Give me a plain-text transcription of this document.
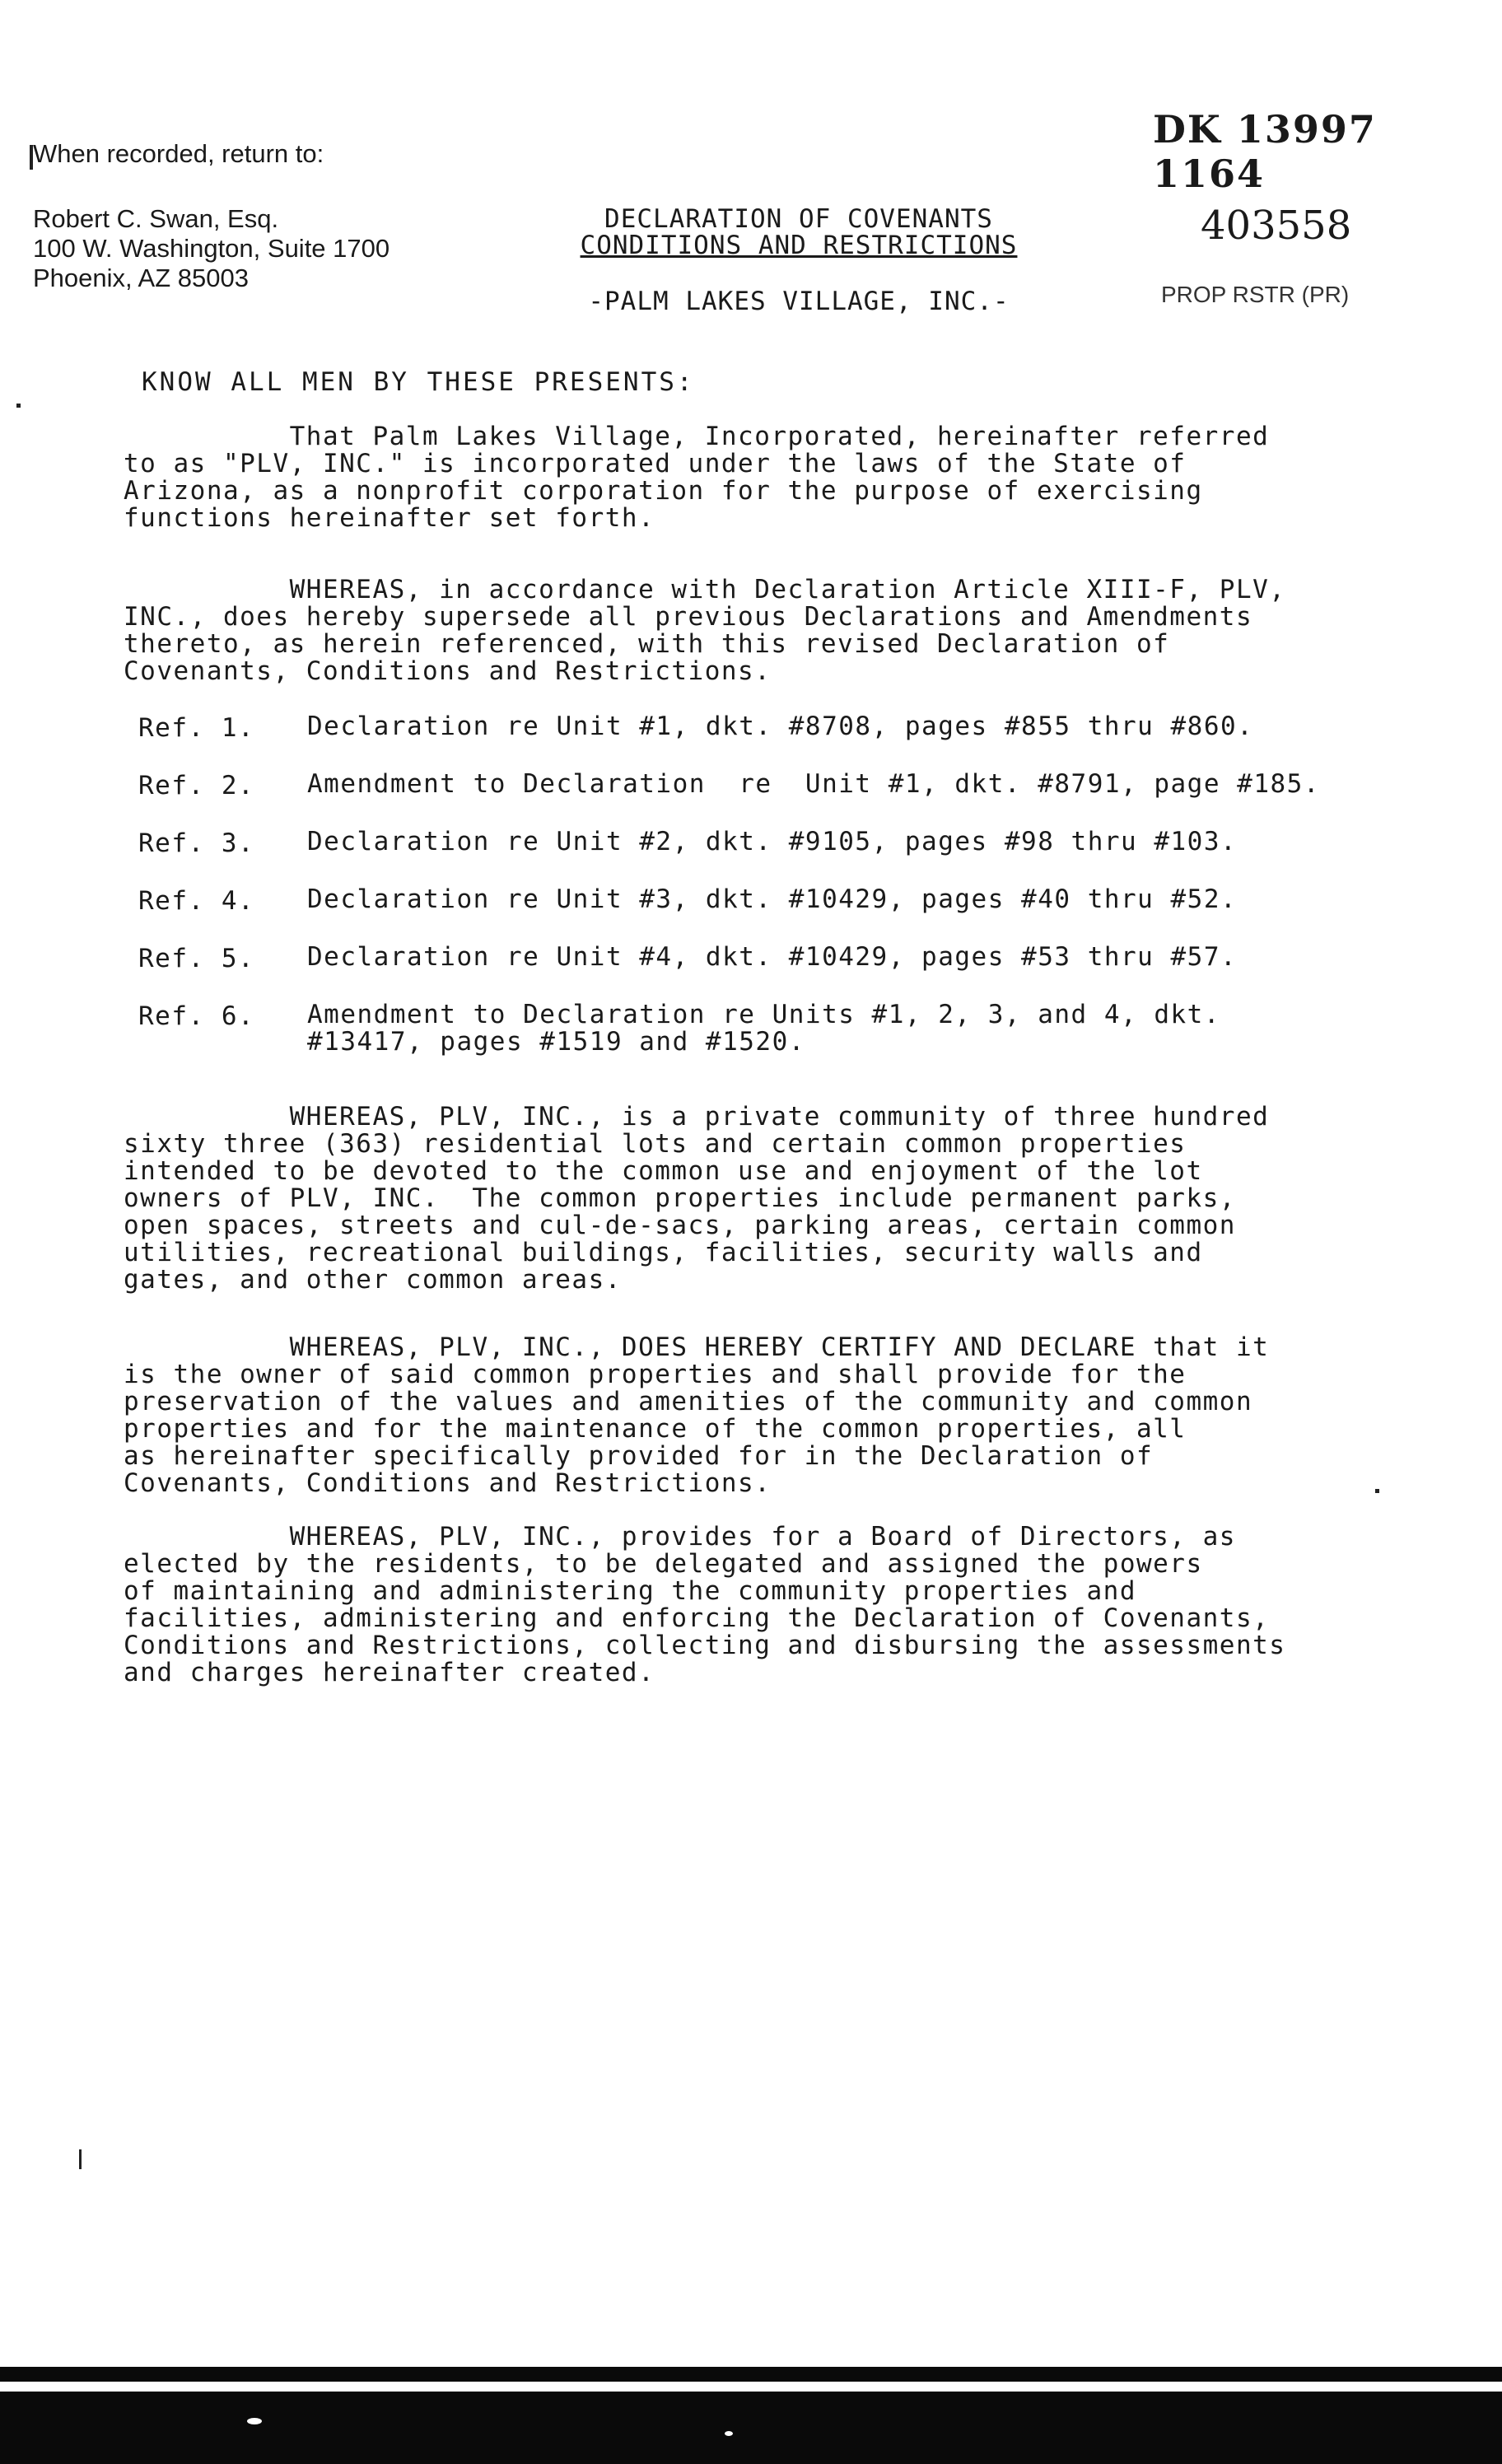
When recorded, return to:
Robert C. Swan, Esq.
100 W. Washington, Suite 1700
Phoenix, AZ 85003
DECLARATION OF COVENANTS
CONDITIONS AND RESTRICTIONS
-PALM LAKES VILLAGE, INC.-
DK 13997 1164
403558
PROP RSTR (PR)
KNOW ALL MEN BY THESE PRESENTS:
That Palm Lakes Village, Incorporated, hereinafter referred
to as "PLV, INC." is incorporated under the laws of the State of
Arizona, as a nonprofit corporation for the purpose of exercising
functions hereinafter set forth.
WHEREAS, in accordance with Declaration Article XIII-F, PLV,
INC., does hereby supersede all previous Declarations and Amendments
thereto, as herein referenced, with this revised Declaration of
Covenants, Conditions and Restrictions.
Ref. 1. Declaration re Unit #1, dkt. #8708, pages #855 thru #860.
Ref. 2. Amendment to Declaration  re  Unit #1, dkt. #8791, page #185.
Ref. 3. Declaration re Unit #2, dkt. #9105, pages #98 thru #103.
Ref. 4. Declaration re Unit #3, dkt. #10429, pages #40 thru #52.
Ref. 5. Declaration re Unit #4, dkt. #10429, pages #53 thru #57.
Ref. 6. Amendment to Declaration re Units #1, 2, 3, and 4, dkt.
#13417, pages #1519 and #1520.
WHEREAS, PLV, INC., is a private community of three hundred
sixty three (363) residential lots and certain common properties
intended to be devoted to the common use and enjoyment of the lot
owners of PLV, INC.  The common properties include permanent parks,
open spaces, streets and cul-de-sacs, parking areas, certain common
utilities, recreational buildings, facilities, security walls and
gates, and other common areas.
WHEREAS, PLV, INC., DOES HEREBY CERTIFY AND DECLARE that it
is the owner of said common properties and shall provide for the
preservation of the values and amenities of the community and common
properties and for the maintenance of the common properties, all
as hereinafter specifically provided for in the Declaration of
Covenants, Conditions and Restrictions.
WHEREAS, PLV, INC., provides for a Board of Directors, as
elected by the residents, to be delegated and assigned the powers
of maintaining and administering the community properties and
facilities, administering and enforcing the Declaration of Covenants,
Conditions and Restrictions, collecting and disbursing the assessments
and charges hereinafter created.
